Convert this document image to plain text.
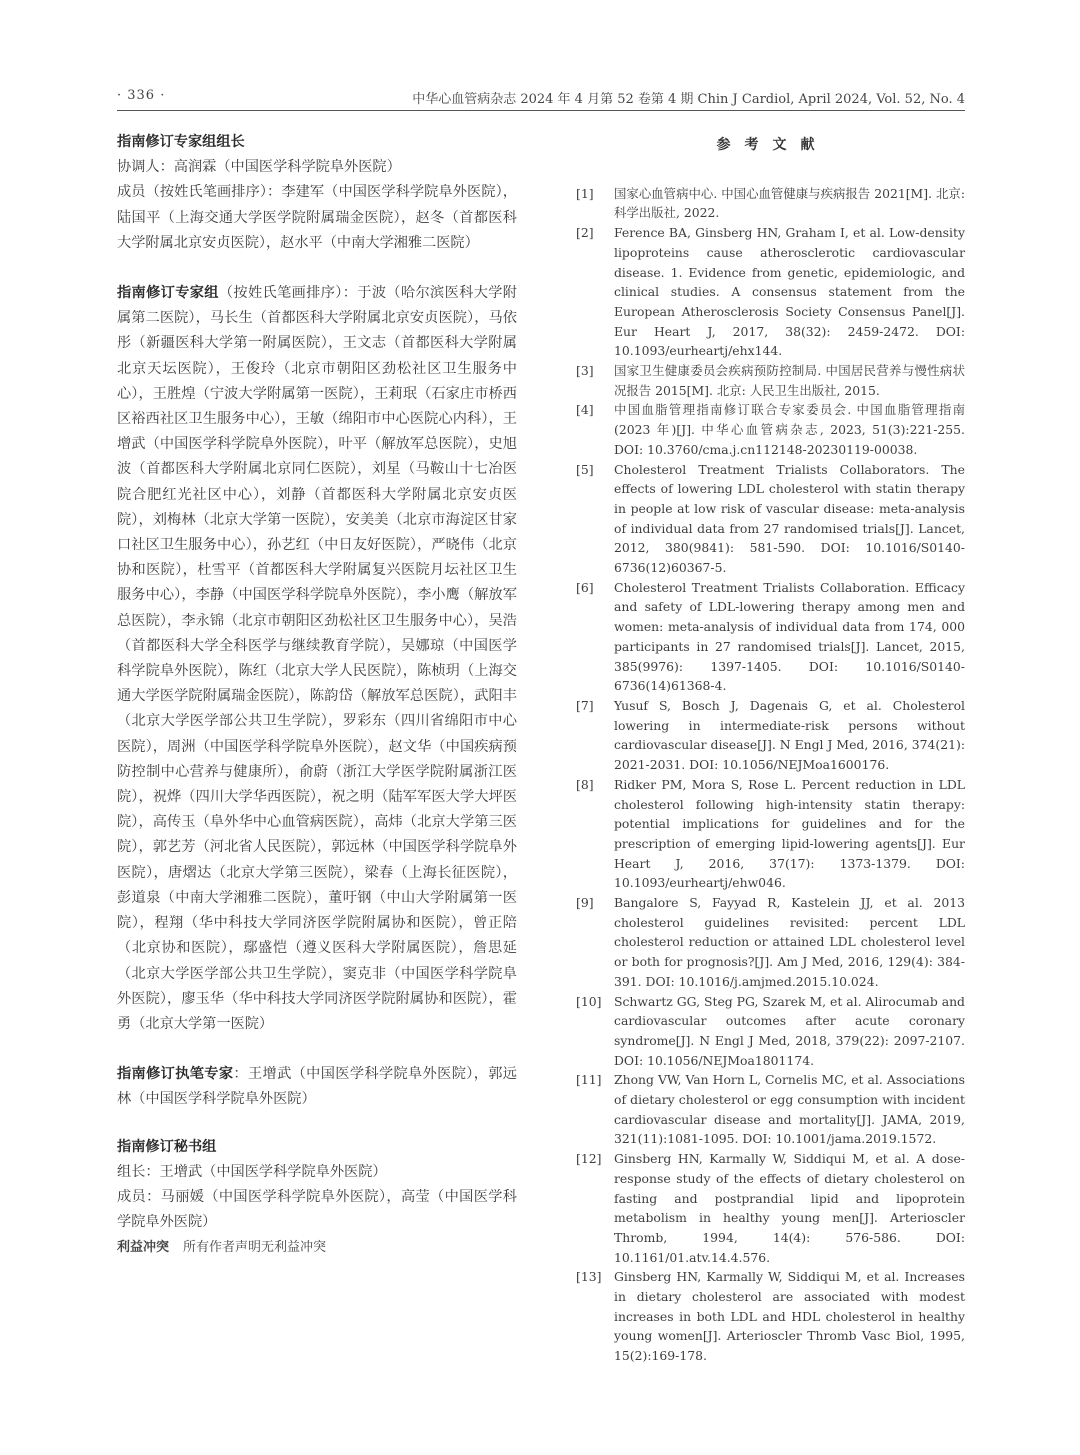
· 336 ·	中华心血管病杂志 2024 年 4 月第 52 卷第 4 期 Chin J Cardiol, April 2024, Vol. 52, No. 4

指南修订专家组组长

协调人：高润霖（中国医学科学院阜外医院）

成员（按姓氏笔画排序）：李建军（中国医学科学院阜外医院），陆国平（上海交通大学医学院附属瑞金医院），赵冬（首都医科大学附属北京安贞医院），赵水平（中南大学湘雅二医院）

指南修订专家组（按姓氏笔画排序）：于波（哈尔滨医科大学附属第二医院），马长生（首都医科大学附属北京安贞医院），马依彤（新疆医科大学第一附属医院），王文志（首都医科大学附属北京天坛医院），王俊玲（北京市朝阳区劲松社区卫生服务中心），王胜煌（宁波大学附属第一医院），王莉珉（石家庄市桥西区裕西社区卫生服务中心），王敏（绵阳市中心医院心内科），王增武（中国医学科学院阜外医院），叶平（解放军总医院），史旭波（首都医科大学附属北京同仁医院），刘星（马鞍山十七冶医院合肥红光社区中心），刘静（首都医科大学附属北京安贞医院），刘梅林（北京大学第一医院），安美美（北京市海淀区甘家口社区卫生服务中心），孙艺红（中日友好医院），严晓伟（北京协和医院），杜雪平（首都医科大学附属复兴医院月坛社区卫生服务中心），李静（中国医学科学院阜外医院），李小鹰（解放军总医院），李永锦（北京市朝阳区劲松社区卫生服务中心），吴浩（首都医科大学全科医学与继续教育学院），吴娜琼（中国医学科学院阜外医院），陈红（北京大学人民医院），陈桢玥（上海交通大学医学院附属瑞金医院），陈韵岱（解放军总医院），武阳丰（北京大学医学部公共卫生学院），罗彩东（四川省绵阳市中心医院），周洲（中国医学科学院阜外医院），赵文华（中国疾病预防控制中心营养与健康所），俞蔚（浙江大学医学院附属浙江医院），祝烨（四川大学华西医院），祝之明（陆军军医大学大坪医院），高传玉（阜外华中心血管病医院），高炜（北京大学第三医院），郭艺芳（河北省人民医院），郭远林（中国医学科学院阜外医院），唐熠达（北京大学第三医院），梁春（上海长征医院），彭道泉（中南大学湘雅二医院），董吁钢（中山大学附属第一医院），程翔（华中科技大学同济医学院附属协和医院），曾正陪（北京协和医院），鄢盛恺（遵义医科大学附属医院），詹思延（北京大学医学部公共卫生学院），窦克非（中国医学科学院阜外医院），廖玉华（华中科技大学同济医学院附属协和医院），霍勇（北京大学第一医院）

指南修订执笔专家：王增武（中国医学科学院阜外医院），郭远林（中国医学科学院阜外医院）

指南修订秘书组

组长：王增武（中国医学科学院阜外医院）

成员：马丽媛（中国医学科学院阜外医院），高莹（中国医学科学院阜外医院）

利益冲突 所有作者声明无利益冲突

参考文献
[1]	国家心血管病中心. 中国心血管健康与疾病报告 2021[M]. 北京: 科学出版社, 2022.
[2]	Ference BA, Ginsberg HN, Graham I, et al. Low-density lipoproteins cause atherosclerotic cardiovascular disease. 1. Evidence from genetic, epidemiologic, and clinical studies. A consensus statement from the European Atherosclerosis Society Consensus Panel[J]. Eur Heart J, 2017, 38(32): 2459-2472. DOI: 10.1093/eurheartj/ehx144.
[3]	国家卫生健康委员会疾病预防控制局. 中国居民营养与慢性病状况报告 2015[M]. 北京: 人民卫生出版社, 2015.
[4]	中国血脂管理指南修订联合专家委员会. 中国血脂管理指南(2023 年)[J]. 中华心血管病杂志, 2023, 51(3):221-255. DOI: 10.3760/cma.j.cn112148-20230119-00038.
[5]	Cholesterol Treatment Trialists Collaborators. The effects of lowering LDL cholesterol with statin therapy in people at low risk of vascular disease: meta-analysis of individual data from 27 randomised trials[J]. Lancet, 2012, 380(9841): 581-590. DOI: 10.1016/S0140-6736(12)60367-5.
[6]	Cholesterol Treatment Trialists Collaboration. Efficacy and safety of LDL-lowering therapy among men and women: meta-analysis of individual data from 174, 000 participants in 27 randomised trials[J]. Lancet, 2015, 385(9976): 1397-1405. DOI: 10.1016/S0140-6736(14)61368-4.
[7]	Yusuf S, Bosch J, Dagenais G, et al. Cholesterol lowering in intermediate-risk persons without cardiovascular disease[J]. N Engl J Med, 2016, 374(21): 2021-2031. DOI: 10.1056/NEJMoa1600176.
[8]	Ridker PM, Mora S, Rose L. Percent reduction in LDL cholesterol following high-intensity statin therapy: potential implications for guidelines and for the prescription of emerging lipid-lowering agents[J]. Eur Heart J, 2016, 37(17): 1373-1379. DOI: 10.1093/eurheartj/ehw046.
[9]	Bangalore S, Fayyad R, Kastelein JJ, et al. 2013 cholesterol guidelines revisited: percent LDL cholesterol reduction or attained LDL cholesterol level or both for prognosis?[J]. Am J Med, 2016, 129(4): 384-391. DOI: 10.1016/j.amjmed.2015.10.024.
[10]	Schwartz GG, Steg PG, Szarek M, et al. Alirocumab and cardiovascular outcomes after acute coronary syndrome[J]. N Engl J Med, 2018, 379(22): 2097-2107. DOI: 10.1056/NEJMoa1801174.
[11]	Zhong VW, Van Horn L, Cornelis MC, et al. Associations of dietary cholesterol or egg consumption with incident cardiovascular disease and mortality[J]. JAMA, 2019, 321(11):1081-1095. DOI: 10.1001/jama.2019.1572.
[12]	Ginsberg HN, Karmally W, Siddiqui M, et al. A dose-response study of the effects of dietary cholesterol on fasting and postprandial lipid and lipoprotein metabolism in healthy young men[J]. Arterioscler Thromb, 1994, 14(4): 576-586. DOI: 10.1161/01.atv.14.4.576.
[13]	Ginsberg HN, Karmally W, Siddiqui M, et al. Increases in dietary cholesterol are associated with modest increases in both LDL and HDL cholesterol in healthy young women[J]. Arterioscler Thromb Vasc Biol, 1995, 15(2):169-178.
